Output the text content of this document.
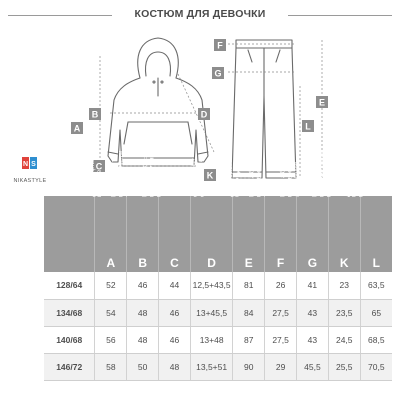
КОСТЮМ ДЛЯ ДЕВОЧКИ
A
B
C
D
F
G
E
L
K
N S
NIKASTYLE Рост/
размер, см	Длина кофты
по спинке	Ширина кофты
на уровне линии
тали	Ширина кофты
на уровне линии
груди	Длина плеча+
Длина рукава	Длина брюк по
боковому шву	Ширина брюк
на уровне линии
талии	Ширина брюк
на уровне
линии бедер	Ширина брюк
на уровне линии
низа	Длина брюк
по шаговому
шву

	A	B	C	D	E	F	G	K	L
128/64	52	46	44	12,5+43,5	81	26	41	23	63,5
134/68	54	48	46	13+45,5	84	27,5	43	23,5	65
140/68	56	48	46	13+48	87	27,5	43	24,5	68,5
146/72	58	50	48	13,5+51	90	29	45,5	25,5	70,5
